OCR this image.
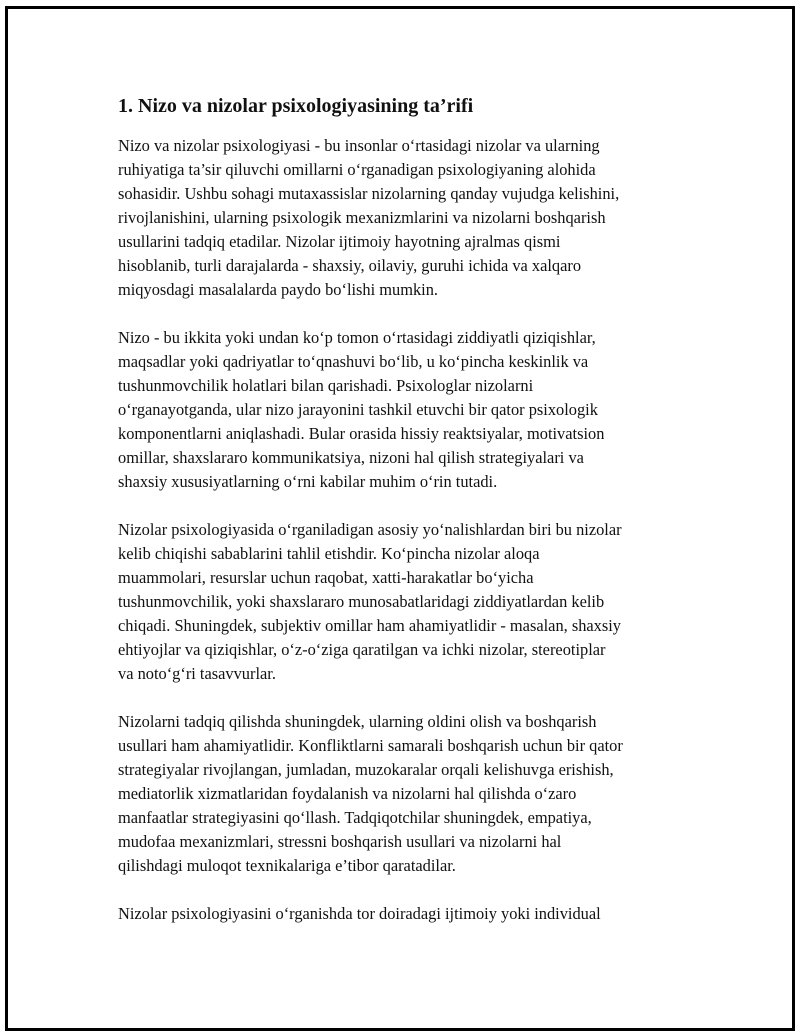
1. Nizo va nizolar psixologiyasining ta’rifi

Nizo va nizolar psixologiyasi - bu insonlar o‘rtasidagi nizolar va ularning
ruhiyatiga ta’sir qiluvchi omillarni o‘rganadigan psixologiyaning alohida
sohasidir. Ushbu sohagi mutaxassislar nizolarning qanday vujudga kelishini,
rivojlanishini, ularning psixologik mexanizmlarini va nizolarni boshqarish
usullarini tadqiq etadilar. Nizolar ijtimoiy hayotning ajralmas qismi
hisoblanib, turli darajalarda - shaxsiy, oilaviy, guruhi ichida va xalqaro
miqyosdagi masalalarda paydo bo‘lishi mumkin.

Nizo - bu ikkita yoki undan ko‘p tomon o‘rtasidagi ziddiyatli qiziqishlar,
maqsadlar yoki qadriyatlar to‘qnashuvi bo‘lib, u ko‘pincha keskinlik va
tushunmovchilik holatlari bilan qarishadi. Psixologlar nizolarni
o‘rganayotganda, ular nizo jarayonini tashkil etuvchi bir qator psixologik
komponentlarni aniqlashadi. Bular orasida hissiy reaktsiyalar, motivatsion
omillar, shaxslararo kommunikatsiya, nizoni hal qilish strategiyalari va
shaxsiy xususiyatlarning o‘rni kabilar muhim o‘rin tutadi.

Nizolar psixologiyasida o‘rganiladigan asosiy yo‘nalishlardan biri bu nizolar
kelib chiqishi sabablarini tahlil etishdir. Ko‘pincha nizolar aloqa
muammolari, resurslar uchun raqobat, xatti-harakatlar bo‘yicha
tushunmovchilik, yoki shaxslararo munosabatlaridagi ziddiyatlardan kelib
chiqadi. Shuningdek, subjektiv omillar ham ahamiyatlidir - masalan, shaxsiy
ehtiyojlar va qiziqishlar, o‘z-o‘ziga qaratilgan va ichki nizolar, stereotiplar
va noto‘g‘ri tasavvurlar.

Nizolarni tadqiq qilishda shuningdek, ularning oldini olish va boshqarish
usullari ham ahamiyatlidir. Konfliktlarni samarali boshqarish uchun bir qator
strategiyalar rivojlangan, jumladan, muzokaralar orqali kelishuvga erishish,
mediatorlik xizmatlaridan foydalanish va nizolarni hal qilishda o‘zaro
manfaatlar strategiyasini qo‘llash. Tadqiqotchilar shuningdek, empatiya,
mudofaa mexanizmlari, stressni boshqarish usullari va nizolarni hal
qilishdagi muloqot texnikalariga e’tibor qaratadilar.

Nizolar psixologiyasini o‘rganishda tor doiradagi ijtimoiy yoki individual
